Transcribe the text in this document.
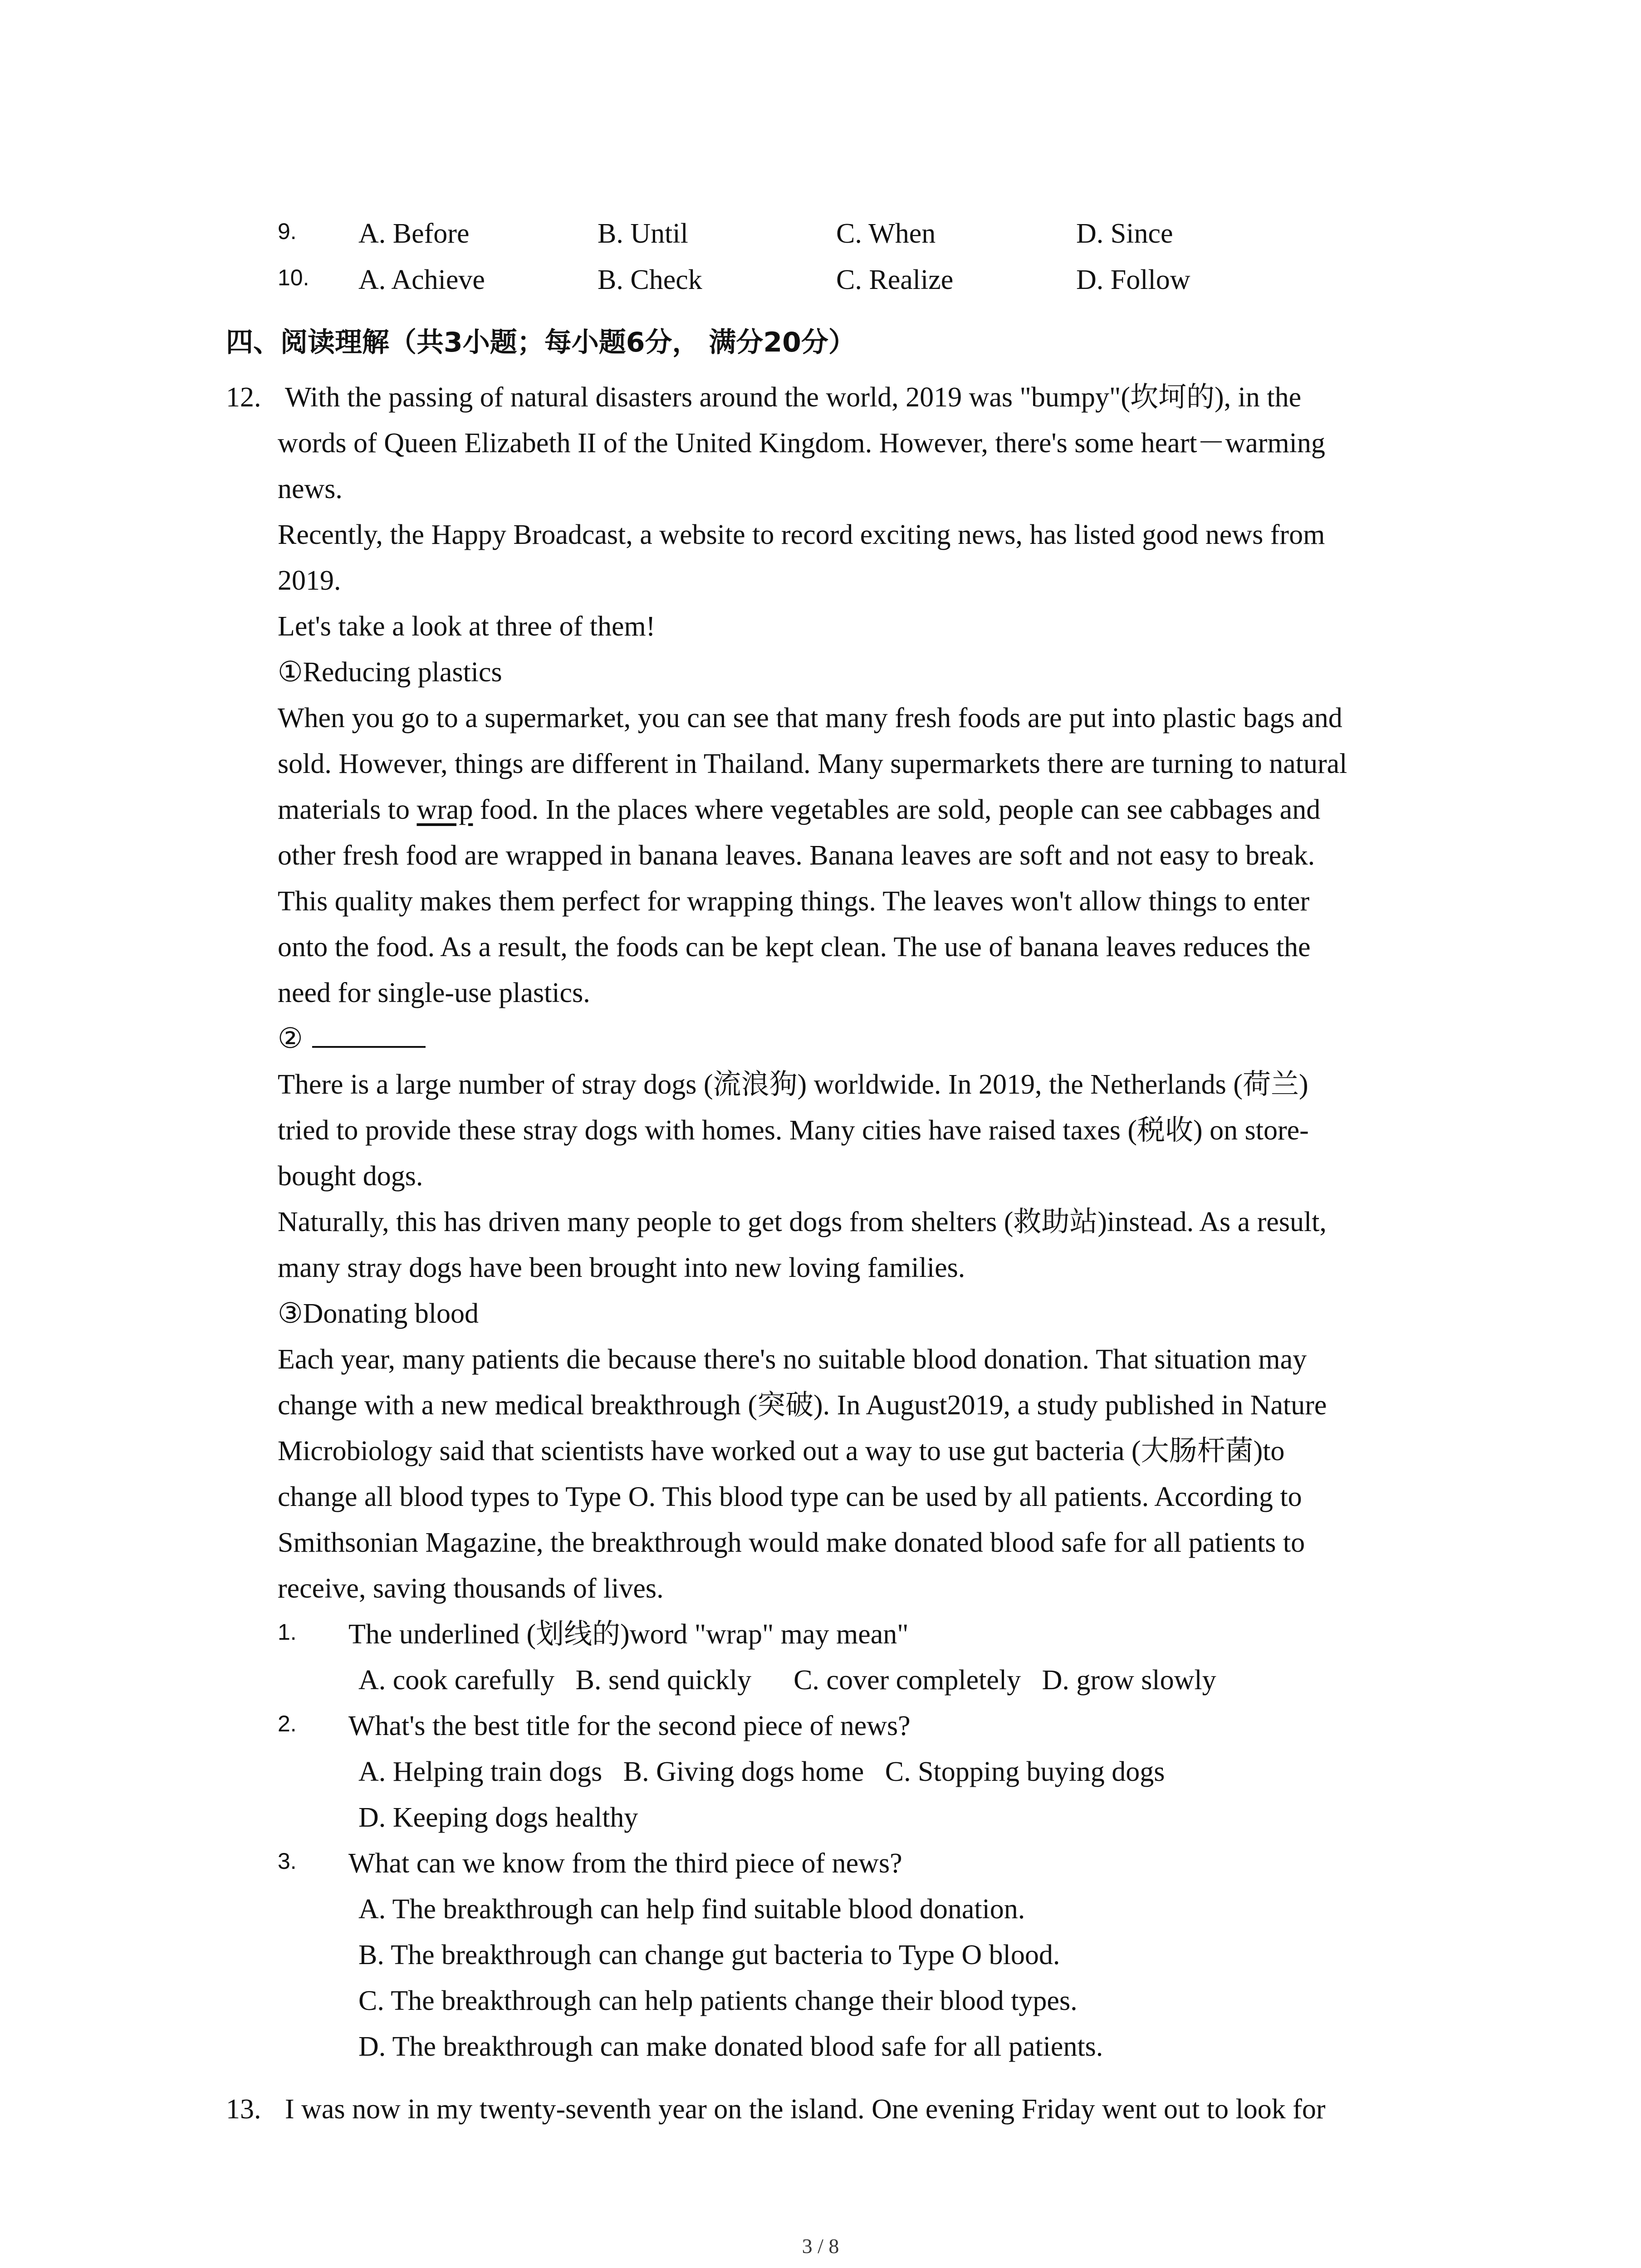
9. A. Before	B. Until	C. When	D. Since
10. A. Achieve	B. Check	C. Realize	D. Follow
四、阅读理解（共3小题；每小题6分， 满分20分）
12. With the passing of natural disasters around the world, 2019 was "bumpy"(坎坷的), in the
words of Queen Elizabeth II of the United Kingdom. However, there's some heart－warming
news.
Recently, the Happy Broadcast, a website to record exciting news, has listed good news from
2019.
Let's take a look at three of them!
①Reducing plastics
When you go to a supermarket, you can see that many fresh foods are put into plastic bags and
sold. However, things are different in Thailand. Many supermarkets there are turning to natural
materials to wrap food. In the places where vegetables are sold, people can see cabbages and
other fresh food are wrapped in banana leaves. Banana leaves are soft and not easy to break.
This quality makes them perfect for wrapping things. The leaves won't allow things to enter
onto the food. As a result, the foods can be kept clean. The use of banana leaves reduces the
need for single-use plastics.
②
There is a large number of stray dogs (流浪狗) worldwide. In 2019, the Netherlands (荷兰)
tried to provide these stray dogs with homes. Many cities have raised taxes (税收) on store-
bought dogs.
Naturally, this has driven many people to get dogs from shelters (救助站)instead. As a result,
many stray dogs have been brought into new loving families.
③Donating blood
Each year, many patients die because there's no suitable blood donation. That situation may
change with a new medical breakthrough (突破). In August2019, a study published in Nature
Microbiology said that scientists have worked out a way to use gut bacteria (大肠杆菌)to
change all blood types to Type O. This blood type can be used by all patients. According to
Smithsonian Magazine, the breakthrough would make donated blood safe for all patients to
receive, saving thousands of lives.
1. The underlined (划线的)word "wrap" may mean"
A. cook carefully B. send quickly C. cover completely D. grow slowly
2. What's the best title for the second piece of news?
A. Helping train dogs B. Giving dogs home C. Stopping buying dogs
D. Keeping dogs healthy
3. What can we know from the third piece of news?
A. The breakthrough can help find suitable blood donation.
B. The breakthrough can change gut bacteria to Type O blood.
C. The breakthrough can help patients change their blood types.
D. The breakthrough can make donated blood safe for all patients.
13. I was now in my twenty-seventh year on the island. One evening Friday went out to look for
3 / 8
